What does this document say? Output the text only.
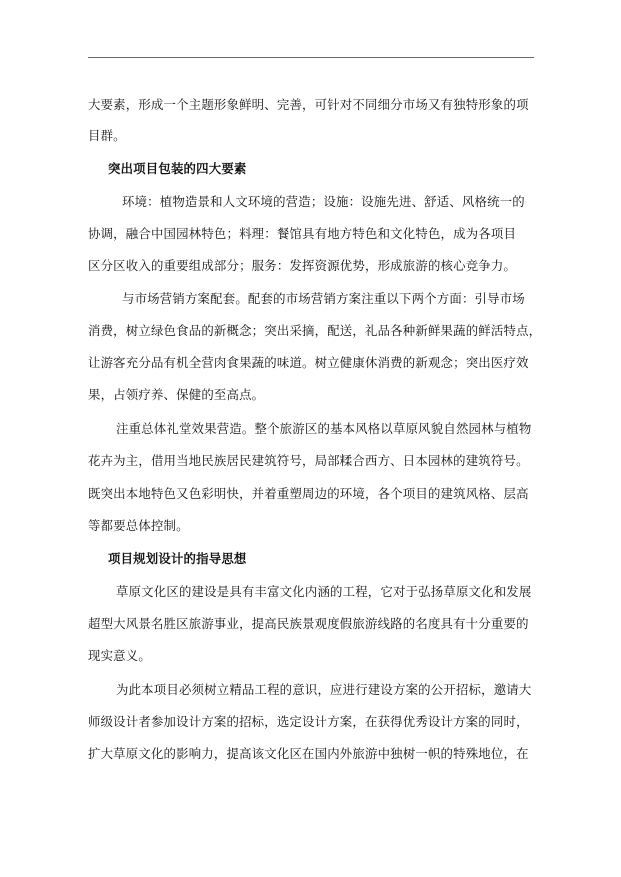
大要素，形成一个主题形象鲜明、完善，可针对不同细分市场又有独特形象的项
目群。
突出项目包装的四大要素
环境：植物造景和人文环境的营造；设施：设施先进、舒适、风格统一的
协调，融合中国园林特色；料理：餐馆具有地方特色和文化特色，成为各项目
区分区收入的重要组成部分；服务：发挥资源优势，形成旅游的核心竞争力。
与市场营销方案配套。配套的市场营销方案注重以下两个方面：引导市场
消费，树立绿色食品的新概念；突出采摘，配送，礼品各种新鲜果蔬的鲜活特点，
让游客充分品有机全营肉食果蔬的味道。树立健康休消费的新观念；突出医疗效
果，占领疗养、保健的至高点。
注重总体礼堂效果营造。整个旅游区的基本风格以草原风貌自然园林与植物
花卉为主，借用当地民族居民建筑符号，局部糅合西方、日本园林的建筑符号。
既突出本地特色又色彩明快，并着重塑周边的环境，各个项目的建筑风格、层高
等都要总体控制。
项目规划设计的指导思想
草原文化区的建设是具有丰富文化内涵的工程，它对于弘扬草原文化和发展
超型大风景名胜区旅游事业，提高民族景观度假旅游线路的名度具有十分重要的
现实意义。
为此本项目必须树立精品工程的意识，应进行建设方案的公开招标，邀请大
师级设计者参加设计方案的招标，选定设计方案，在获得优秀设计方案的同时，
扩大草原文化的影响力，提高该文化区在国内外旅游中独树一帜的特殊地位，在
